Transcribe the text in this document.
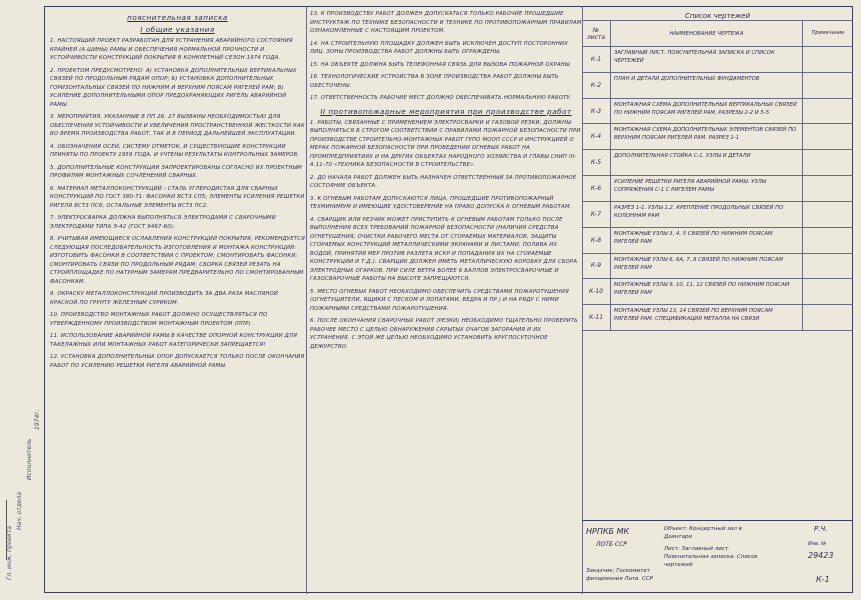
Гл. инж. проекта
Нач. отдела
Исполнитель
1974г.
пояснительная записка
I общие указания
1. НАСТОЯЩИЙ ПРОЕКТ РАЗРАБОТАН ДЛЯ УСТРАНЕНИЯ АВАРИЙНОГО СОСТОЯНИЯ КРАЙНЕЙ (А ШИНЫ) РАМЫ И ОБЕСПЕЧЕНИЯ НОРМАЛЬНОЙ ПРОЧНОСТИ И УСТОЙЧИВОСТИ КОНСТРУКЦИЙ ПОКРЫТИЯ В КОНКРЕТНЫЙ СЕЗОН 1974 ГОДА.
2. ПРОЕКТОМ ПРЕДУСМОТРЕНО: А) УСТАНОВКА ДОПОЛНИТЕЛЬНЫХ ВЕРТИКАЛЬНЫХ СВЯЗЕЙ ПО ПРОДОЛЬНЫМ РЯДАМ ОПОР; Б) УСТАНОВКА ДОПОЛНИТЕЛЬНЫХ ГОРИЗОНТАЛЬНЫХ СВЯЗЕЙ ПО НИЖНИМ И ВЕРХНИМ ПОЯСАМ РИГЕЛЕЙ РАМ; В) УСИЛЕНИЕ ДОПОЛНИТЕЛЬНЫМИ ОПОР ПРЕДОХРАНЯЮЩИХ РИГЕЛЬ АВАРИЙНОЙ РАМЫ.
3. МЕРОПРИЯТИЯ, УКАЗАННЫЕ В ПП 26, 27 ВЫЗВАНЫ НЕОБХОДИМОСТЬЮ ДЛЯ ОБЕСПЕЧЕНИЯ УСТОЙЧИВОСТИ И УВЕЛИЧЕНИЯ ПРОСТРАНСТВЕННОЙ ЖЕСТКОСТИ КАК ВО ВРЕМЯ ПРОИЗВОДСТВА РАБОТ, ТАК И В ПЕРИОД ДАЛЬНЕЙШЕЙ ЭКСПЛУАТАЦИИ.
4. ОБОЗНАЧЕНИЯ ОСЕЙ, СИСТЕМУ ОТМЕТОК, И СУЩЕСТВУЮЩИЕ КОНСТРУКЦИИ ПРИНЯТЫ ПО ПРОЕКТУ 1959 ГОДА, И УЧТЕНЫ РЕЗУЛЬТАТЫ КОНТРОЛЬНЫХ ЗАМЕРОВ.
5. ДОПОЛНИТЕЛЬНЫЕ КОНСТРУКЦИИ ЗАПРОЕКТИРОВАНЫ СОГЛАСНО ИХ ПРОЕКТНЫМ ПРОФИЛЯМ МОНТАЖНЫХ СОЧЛЕНЕНИЙ СВАРНЫХ.
6. МАТЕРИАЛ МЕТАЛЛОКОНСТРУКЦИЙ - СТАЛЬ УГЛЕРОДИСТАЯ ДЛЯ СВАРНЫХ КОНСТРУКЦИЙ ПО ГОСТ 380-71: ФАСОНКИ ВСТ3 СП5; ЭЛЕМЕНТЫ УСИЛЕНИЯ РЕШЕТКИ РИГЕЛЯ ВСТ3 ПС6; ОСТАЛЬНЫЕ ЭЛЕМЕНТЫ ВСТ3 ПС2.
7. ЭЛЕКТРОСВАРКА ДОЛЖНА ВЫПОЛНЯТЬСЯ ЭЛЕКТРОДАМИ С СВАРОЧНЫМИ ЭЛЕКТРОДАМИ ТИПА Э-42 (ГОСТ 9467-60).
8. УЧИТЫВАЯ ИМЕЮЩИЕСЯ ОСЛАБЛЕНИЯ КОНСТРУКЦИЙ ПОКРЫТИЯ, РЕКОМЕНДУЕТСЯ СЛЕДУЮЩАЯ ПОСЛЕДОВАТЕЛЬНОСТЬ ИЗГОТОВЛЕНИЯ И МОНТАЖА КОНСТРУКЦИЙ: ИЗГОТОВИТЬ ФАСОНКИ В СООТВЕТСТВИИ С ПРОЕКТОМ; СМОНТИРОВАТЬ ФАСОНКИ; СМОНТИРОВАТЬ СВЯЗИ ПО ПРОДОЛЬНЫМ РЯДАМ; СБОРКА СВЯЗЕЙ РЕЗАТЬ НА СТРОЙПЛОЩАДКЕ ПО НАТУРНЫМ ЗАМЕРАМ ПРЕДВАРИТЕЛЬНО ПО СМОНТИРОВАННЫМ ФАСОНКАМ.
9. ОКРАСКУ МЕТАЛЛОКОНСТРУКЦИЙ ПРОИЗВОДИТЬ ЗА ДВА РАЗА МАСЛЯНОЙ КРАСКОЙ ПО ГРУНТУ ЖЕЛЕЗНЫМ СУРИКОМ.
10. ПРОИЗВОДСТВО МОНТАЖНЫХ РАБОТ ДОЛЖНО ОСУЩЕСТВЛЯТЬСЯ ПО УТВЕРЖДЕННОМУ ПРОИЗВОДСТВОМ МОНТАЖНЫМ ПРОЕКТОМ (ППР).
11. ИСПОЛЬЗОВАНИЕ АВАРИЙНОЙ РАМЫ В КАЧЕСТВЕ ОПОРНОЙ КОНСТРУКЦИИ ДЛЯ ТАКЕЛАЖНЫХ ИЛИ МОНТАЖНЫХ РАБОТ КАТЕГОРИЧЕСКИ ЗАПРЕЩАЕТСЯ!
12. УСТАНОВКА ДОПОЛНИТЕЛЬНЫХ ОПОР ДОПУСКАЕТСЯ ТОЛЬКО ПОСЛЕ ОКОНЧАНИЯ РАБОТ ПО УСИЛЕНИЮ РЕШЕТКИ РИГЕЛЯ АВАРИЙНОЙ РАМЫ.
13. К ПРОИЗВОДСТВУ РАБОТ ДОЛЖЕН ДОПУСКАТЬСЯ ТОЛЬКО РАБОЧИЕ ПРОШЕДШИЕ ИНСТРУКТАЖ ПО ТЕХНИКЕ БЕЗОПАСНОСТИ И ТЕХНИКЕ ПО ПРОТИВОПОЖАРНЫМ ПРАВИЛАМ ОЗНАКОМЛЕННЫЕ С НАСТОЯЩИМ ПРОЕКТОМ.
14. НА СТРОИТЕЛЬНУЮ ПЛОЩАДКУ ДОЛЖЕН БЫТЬ ИСКЛЮЧЕН ДОСТУП ПОСТОРОННИХ ЛИЦ. ЗОНЫ ПРОИЗВОДСТВА РАБОТ ДОЛЖНЫ БЫТЬ ОГРАЖДЕНЫ.
15. НА ОБЪЕКТЕ ДОЛЖНА БЫТЬ ТЕЛЕФОННАЯ СВЯЗЬ ДЛЯ ВЫЗОВА ПОЖАРНОЙ ОХРАНЫ.
16. ТЕХНОЛОГИЧЕСКИЕ УСТРОЙСТВА В ЗОНЕ ПРОИЗВОДСТВА РАБОТ ДОЛЖНЫ БЫТЬ ОБЕСТОЧЕНЫ.
17. ОТВЕТСТВЕННОСТЬ РАБОЧИЕ МЕСТ ДОЛЖНО ОБЕСПЕЧИВАТЬ НОРМАЛЬНУЮ РАБОТУ.
II противопожарные мероприятия при производстве работ
1. РАБОТЫ, СВЯЗАННЫЕ С ПРИМЕНЕНИЕМ ЭЛЕКТРОСВАРКИ И ГАЗОВОЙ РЕЗКИ, ДОЛЖНЫ ВЫПОЛНЯТЬСЯ В СТРОГОМ СООТВЕТСТВИИ С ПРАВИЛАМИ ПОЖАРНОЙ БЕЗОПАСНОСТИ ПРИ ПРОИЗВОДСТВЕ СТРОИТЕЛЬНО-МОНТАЖНЫХ РАБОТ ГУПО МООП СССР И ИНСТРУКЦИЕЙ О МЕРАХ ПОЖАРНОЙ БЕЗОПАСНОСТИ ПРИ ПРОВЕДЕНИИ ОГНЕВЫХ РАБОТ НА ПРОМПРЕДПРИЯТИЯХ И НА ДРУГИХ ОБЪЕКТАХ НАРОДНОГО ХОЗЯЙСТВА И ГЛАВЫ СНИП III-А.11-70 «ТЕХНИКА БЕЗОПАСНОСТИ В СТРОИТЕЛЬСТВЕ».
2. ДО НАЧАЛА РАБОТ ДОЛЖЕН БЫТЬ НАЗНАЧЕН ОТВЕТСТВЕННЫЙ ЗА ПРОТИВОПОЖАРНОЕ СОСТОЯНИЕ ОБЪЕКТА.
3. К ОГНЕВЫМ РАБОТАМ ДОПУСКАЮТСЯ ЛИЦА, ПРОШЕДШИЕ ПРОТИВОПОЖАРНЫЙ ТЕХМИНИМУМ И ИМЕЮЩИЕ УДОСТОВЕРЕНИЕ НА ПРАВО ДОПУСКА К ОГНЕВЫМ РАБОТАМ.
4. СВАРЩИК ИЛИ РЕЗЧИК МОЖЕТ ПРИСТУПИТЬ К ОГНЕВЫМ РАБОТАМ ТОЛЬКО ПОСЛЕ ВЫПОЛНЕНИЯ ВСЕХ ТРЕБОВАНИЙ ПОЖАРНОЙ БЕЗОПАСНОСТИ (НАЛИЧИЯ СРЕДСТВА ОГНЕТУШЕНИЯ, ОЧИСТКИ РАБОЧЕГО МЕСТА ОТ СГОРАЕМЫХ МАТЕРИАЛОВ, ЗАЩИТЫ СГОРАЕМЫХ КОНСТРУКЦИЙ МЕТАЛЛИЧЕСКИМИ ЭКРАНАМИ И ЛИСТАМИ, ПОЛИВА ИХ ВОДОЙ, ПРИНЯТИЯ МЕР ПРОТИВ РАЗЛЕТА ИСКР И ПОПАДАНИЯ ИХ НА СГОРАЕМЫЕ КОНСТРУКЦИИ И Т.Д.). СВАРЩИК ДОЛЖЕН ИМЕТЬ МЕТАЛЛИЧЕСКУЮ КОРОБКУ ДЛЯ СБОРА ЭЛЕКТРОДНЫХ ОГАРКОВ. ПРИ СИЛЕ ВЕТРА БОЛЕЕ 6 БАЛЛОВ ЭЛЕКТРОСВАРОЧНЫЕ И ГАЗОСВАРОЧНЫЕ РАБОТЫ НА ВЫСОТЕ ЗАПРЕЩАЮТСЯ.
5. МЕСТО ОГНЕВЫХ РАБОТ НЕОБХОДИМО ОБЕСПЕЧИТЬ СРЕДСТВАМИ ПОЖАРОТУШЕНИЯ (ОГНЕТУШИТЕЛИ, ЯЩИКИ С ПЕСКОМ И ЛОПАТАМИ, ВЕДРА И ПР.) И НА РЯДУ С НИМИ ПОЖАРНЫМИ СРЕДСТВАМИ ПОЖАРОТУШЕНИЯ.
6. ПОСЛЕ ОКОНЧАНИЯ СВАРОЧНЫХ РАБОТ (РЕЗКИ) НЕОБХОДИМО ТЩАТЕЛЬНО ПРОВЕРИТЬ РАБОЧЕЕ МЕСТО С ЦЕЛЬЮ ОБНАРУЖЕНИЯ СКРЫТЫХ ОЧАГОВ ЗАГОРАНИЯ И ИХ УСТРАНЕНИЯ. С ЭТОЙ ЖЕ ЦЕЛЬЮ НЕОБХОДИМО УСТАНОВИТЬ КРУГЛОСУТОЧНОЕ ДЕЖУРСТВО.
Список чертежей
№ листа	НАИМЕНОВАНИЕ ЧЕРТЕЖА	Примечание
К-1
ЗАГЛАВНЫЙ ЛИСТ. ПОЯСНИТЕЛЬНАЯ ЗАПИСКА И СПИСОК ЧЕРТЕЖЕЙ
К-2
ПЛАН И ДЕТАЛИ ДОПОЛНИТЕЛЬНЫХ ФУНДАМЕНТОВ
К-3
МОНТАЖНАЯ СХЕМА ДОПОЛНИТЕЛЬНЫХ ВЕРТИКАЛЬНЫХ СВЯЗЕЙ ПО НИЖНИМ ПОЯСАМ РИГЕЛЕЙ РАМ, РАЗРЕЗЫ 2-2 И 5-5
К-4
МОНТАЖНАЯ СХЕМА ДОПОЛНИТЕЛЬНЫХ ЭЛЕМЕНТОВ СВЯЗЕЙ ПО ВЕРХНИМ ПОЯСАМ РИГЕЛЕЙ РАМ. РАЗРЕЗ 1-1
К-5
ДОПОЛНИТЕЛЬНАЯ СТОЙКА С-1. УЗЛЫ И ДЕТАЛИ
К-6
УСИЛЕНИЕ РЕШЕТКИ РИГЕЛЯ АВАРИЙНОЙ РАМЫ. УЗЛЫ СОПРЯЖЕНИЯ С-1 С РИГЕЛЕМ РАМЫ
К-7
РАЗРЕЗ 1-1. УЗЛЫ 1,2. КРЕПЛЕНИЕ ПРОДОЛЬНЫХ СВЯЗЕЙ ПО КОЛОННАМ РАМ
К-8
МОНТАЖНЫЕ УЗЛЫ 3, 4, 5 СВЯЗЕЙ ПО НИЖНИМ ПОЯСАМ РИГЕЛЕЙ РАМ
К-9
МОНТАЖНЫЕ УЗЛЫ 6, 6А, 7, 8 СВЯЗЕЙ ПО НИЖНИМ ПОЯСАМ РИГЕЛЕЙ РАМ
К-10
МОНТАЖНЫЕ УЗЛЫ 9, 10, 11, 12 СВЯЗЕЙ ПО НИЖНИМ ПОЯСАМ РИГЕЛЕЙ РАМ
К-11
МОНТАЖНЫЕ УЗЛЫ 13, 14 СВЯЗЕЙ ПО ВЕРХНИМ ПОЯСАМ РИГЕЛЕЙ РАМ. СПЕЦИФИКАЦИЯ МЕТАЛЛА НА СВЯЗИ
НРПКБ МК
ЛОТБ ССР
Объект: Концертный зал в Дзинтари
Лист: Заглавный лист. Пояснительная записка. Список чертежей
Заказчик: Госкомитет филармония Латв. ССР
Р.Ч.
Инв. №
29423
К-1
